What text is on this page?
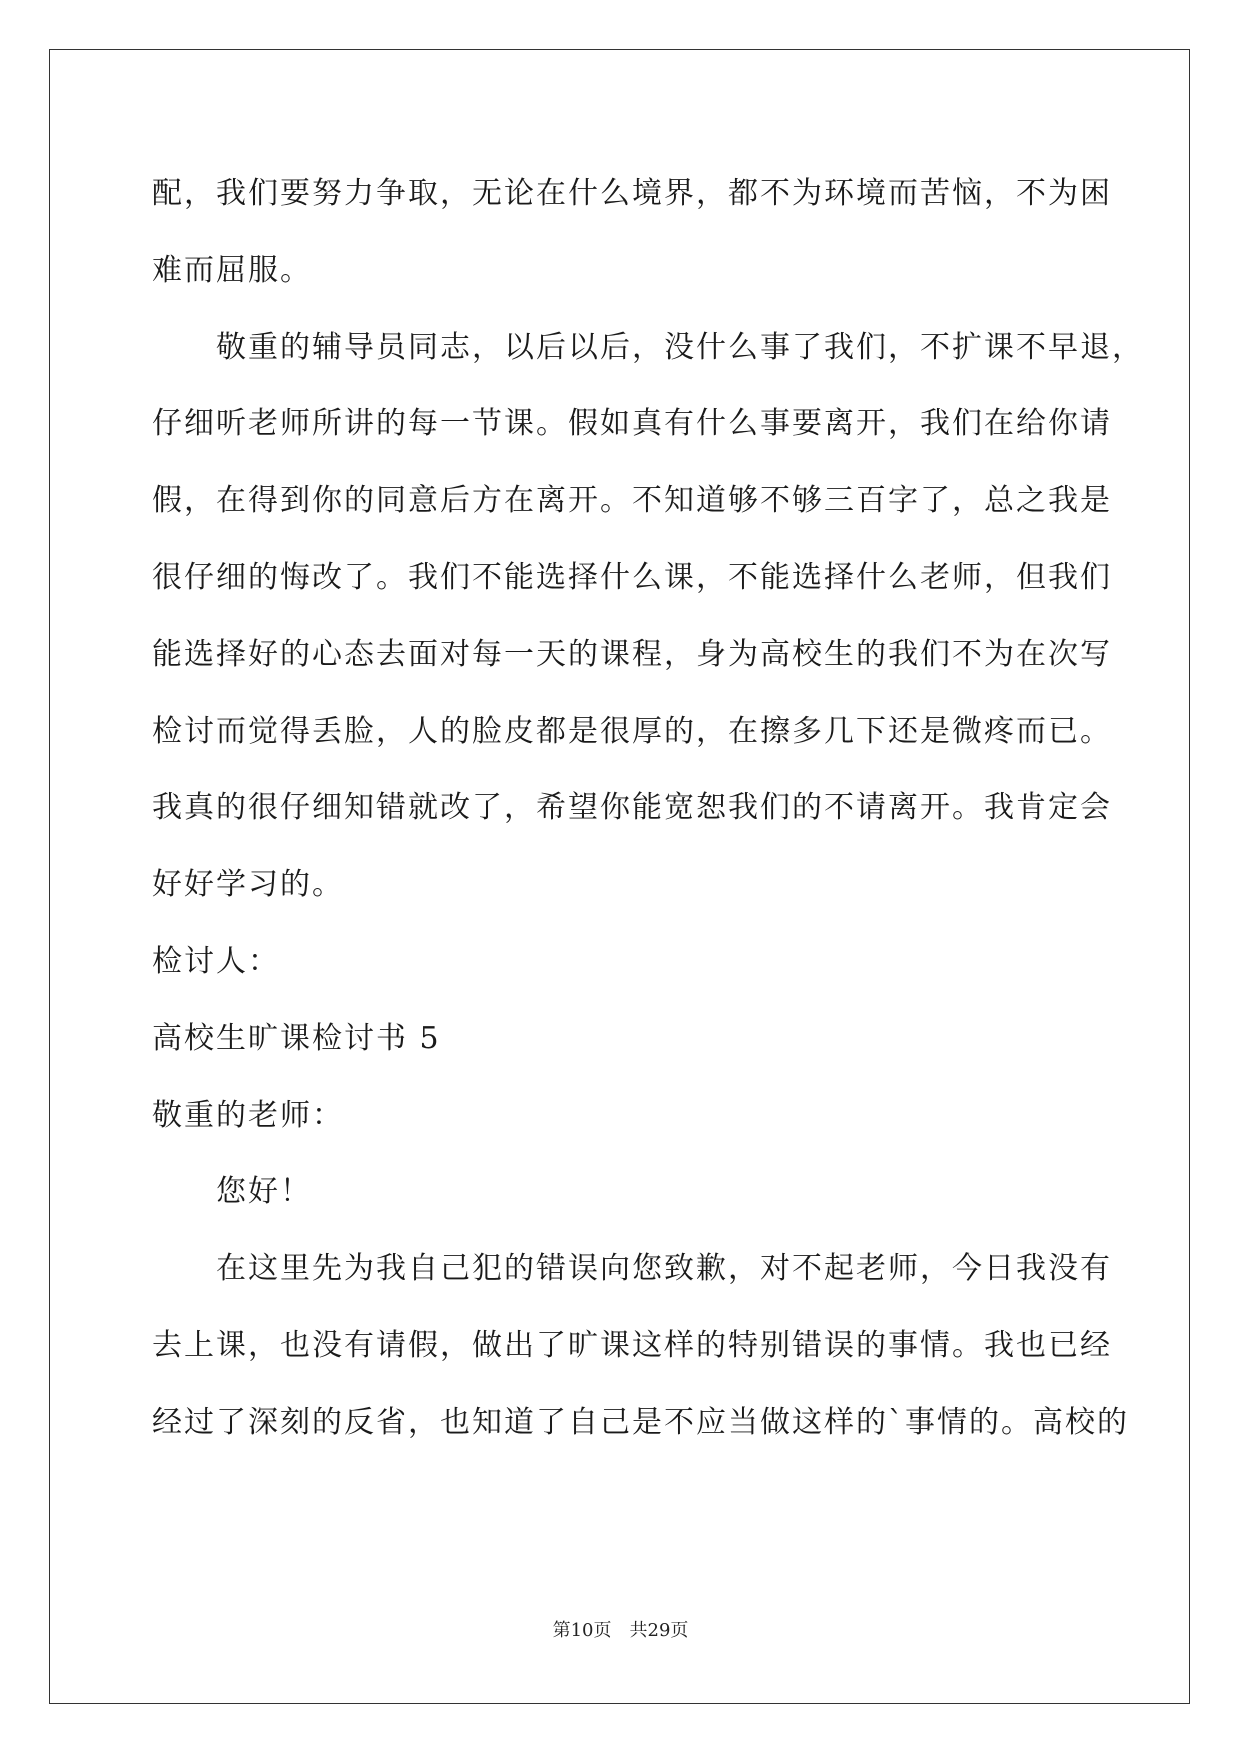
配，我们要努力争取，无论在什么境界，都不为环境而苦恼，不为困
难而屈服。
敬重的辅导员同志，以后以后，没什么事了我们，不扩课不早退，
仔细听老师所讲的每一节课。假如真有什么事要离开，我们在给你请
假，在得到你的同意后方在离开。不知道够不够三百字了，总之我是
很仔细的悔改了。我们不能选择什么课，不能选择什么老师，但我们
能选择好的心态去面对每一天的课程，身为高校生的我们不为在次写
检讨而觉得丢脸，人的脸皮都是很厚的，在擦多几下还是微疼而已。
我真的很仔细知错就改了，希望你能宽恕我们的不请离开。我肯定会
好好学习的。
检讨人：
高校生旷课检讨书 5
敬重的老师：
您好！
在这里先为我自己犯的错误向您致歉，对不起老师，今日我没有
去上课，也没有请假，做出了旷课这样的特别错误的事情。我也已经
经过了深刻的反省，也知道了自己是不应当做这样的`事情的。高校的
第10页 共29页
